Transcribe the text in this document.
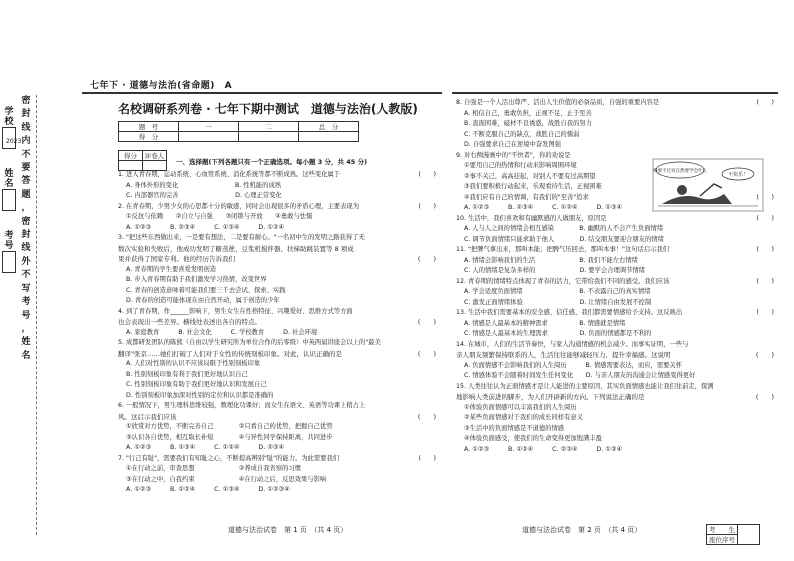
学校
姓名
考号
2023
密
封
线
内
不
要
答
题
，
密
封
线
外
不
写
考
号
，
姓
名
七年下 · 道德与法治(省命题) A
名校调研系列卷 · 七年下期中测试　道德与法治(人教版)
题　号	一	二	总　分
得　分			
得分	评卷人

一、选择题(下列各题只有一个正确选项。每小题 3 分，共 45 分)

(　　)
1. 进入青春期，运动系统、心血管系统、消化系统等都不断成熟。这些变化属于

A. 身体外形的变化　　　　　　　　　B. 性机能的成熟

C. 内部器官的完善　　　　　　　　　D. 心理正常变化

(　　)
2. 在青春期，少男少女的心思都十分的敏感，同时会出现很多的矛盾心理，主要表现为

①反抗与依赖　　②自立与自强　　③闭锁与开放　　④勇敢与怯懦

A. ①②③　　　B. ②③④　　　C. ①③④　　　D. ①②④

3. "把这些东西做出来，一是要有想法，二是要有耐心。"一名初中生的发明之路获得了无

数次实验和失败后，他成功发明了糖蒸蔗、豆浆机搅拌器、扶梯助跳装置等 8 项成

(　　)
果并获得了国家专利。他的经历告诉我们

A. 青春期的学生要喜爱发明创造

B. 步入青春期有助于我们激发学习热情，改变世界

C. 青春的创造意味着可能我们要三千去尝试、探索、实践

D. 青春的创造可能体现在由自然开动，属于创造的少年

4. 到了青春期，作______影响下，男生女生在性格特征、兴趣爱好、思维方式等方面

(　　)
也会表现出一些差异。横线处表述出各自的特点。

A. 家庭教育　　　B. 社会文化　　　C. 学校教育　　　D. 社会环境

5. 成都研发团队的陈熊（自由以学生研究所为单位合作的后零级）中英两届讲座会以上的"最美

(　　)
翻译"张京……她们打破了人们对于女性的传统刻板印象。对此，认识正确的是

A. 人们对性别的认识不应该局限于性别刻板印象

B. 性别刻板印象有利于我们更好地认识自己

C. 性别刻板印象有助于我们更好地认识和发展自己

D. 性别刻板印象加深对性别的定位和认识都是准确的

6. 一般情况下，男生理科思维较强，数理化功课好；而女生在语文、英语等功课上稍占上

(　　)
风。这启示我们应该

①欣赏对方优势，不断完善自己　　　　②只看自己的优势，把握自己优势

③认识各自优势，相互取长补短　　　　④与异性同学保持距离，共同进步

A. ①②③　　　B. ①③④　　　C. ①②④　　　D. ②③④

(　　)
7. "行己有耻"，需要我们有知耻之心，不断提高辨别"耻"的能力。为此需要我们

①在行动之前，审查思想　　　　　　　②养成自我省察的习惯

③在行动之中，自我约束　　　　　　　④在行动之后，反思效果与影响

A. ①②③　　　B. ①②④　　　C. ①③④　　　D. ①②③④

(　　)
8. 自强是一个人活出尊严、活出人生价值的必备品质，自强的重要内容是

A. 相信自己，勇敢负担，正视不足，止于至善

B. 直面困难，磁材不良诱惑，战胜自我的努力

C. 不断克服自己的缺点，战胜自己的懦弱

D. 自强要求自己在逆境中奋发图强

9. 对右侧漫画中的"不快者"，你的劝说是

①要用自己的热情和行动来影响周围环境

②事不关己，高高挂起，对别人不要有过高期望

③我们要积极行动起来，乐观看待生活，正视困难

(　　)
④我们应有自己的情调，有我们的"至善"追求

A. ①②③　　　B. ②③④　　　C. ①②④　　　D. ①③④

(　　)
10. 生活中，我们喜欢和有幽默感的人做朋友，原因是

A. 人与人之间的情绪会相互感染　　　　B. 幽默的人不会产生负面情绪

C. 调节负面情绪只能求助于他人　　　　D. 结交朋友要迎合朋友的情绪

(　　)
11. "把脾气拿出来，那叫本能；把脾气压回去，那叫本事！"这句话启示我们

A. 情绪会影响我们的生活　　　　　　　B. 我们不能左右情绪

C. 人的情绪是复杂多样的　　　　　　　D. 要学会合理调节情绪

(　　)
12. 青春期的情绪特点体现了青春的活力，它带给我们不同的感受。我们应该

A. 学会适度负面情绪　　　　　　　　　B. 不表露自己的真实情绪

C. 激发正面情绪体验　　　　　　　　　D. 让情绪自由发展不控制

(　　)
13. 生活中我们需要基本的安全感、信任感，我们都需要情感给予支持。这反映出

A. 情感是人最基本的精神需求　　　　　B. 情感就是情绪

C. 情感是人最基本的生理需求　　　　　D. 负面的情感都是不利的

14. 在城市，人们的生活节奏快，与家人沟通情感的机会减少。而事实证明，一些与

(　　)
亲人朋友频繁保持联系的人，生活往往能够减轻压力，提升幸福感。这说明

A. 负面情感不会影响我们的人生阅历　　　B. 情感需要表达，而应，需要关怀

C. 情感体验不会随着时间发生任何变化　　D. 与亲人朋友的沟通会让情感变得更好

15. 人类往往认为正面情感才是让人能进的主要原因，其实负面情感也能让我们往前走，探测

(　　)
地影响人类前进的脚步，为人们开辟新的方向。下列说法正确的是

①体验负面情感可以丰富我们的人生阅历

②某些负面情感对于我们的成长同样有意义

③生活中的负面情感是不道德的情感

④体验负面感受，使我们的生命变得更加饱满丰盈

A. ①②③　　　B. ①②④　　　C. ②③④　　　D. ①③④

哦要不过说自然要学会什么
不快乐！
考　　生	
座位序号
道德与法治试卷　第 1 页　（共 4 页）	道德与法治试卷　第 2 页　（共 4 页）
